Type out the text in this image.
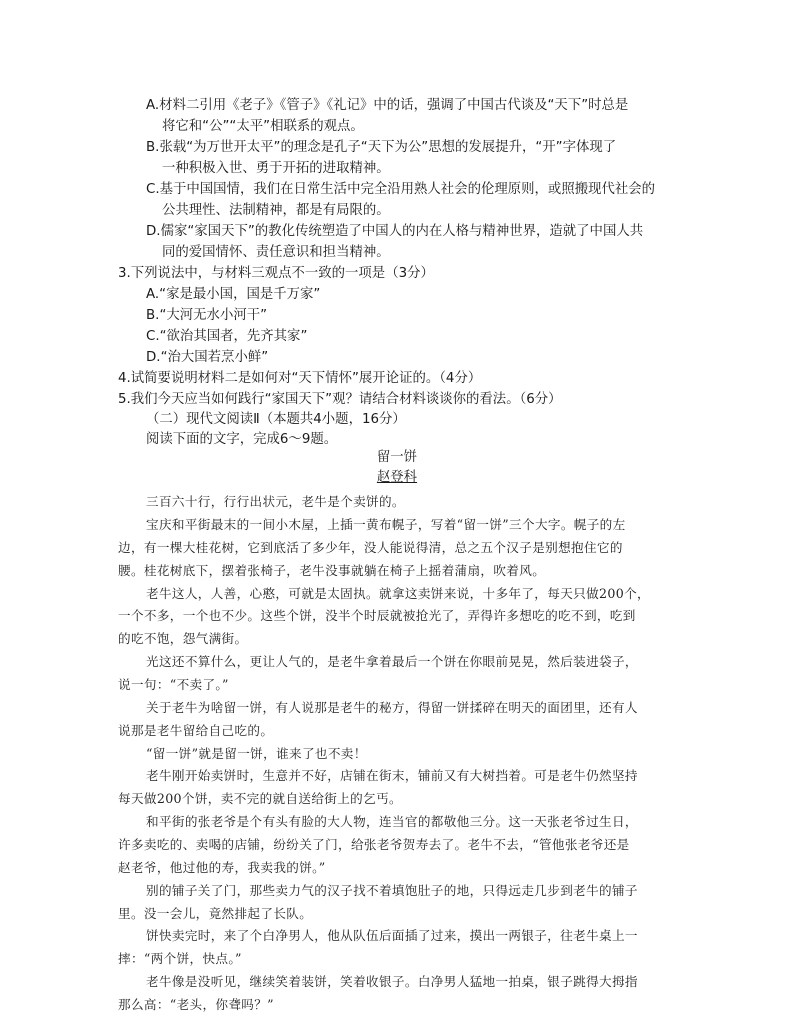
A.材料二引用《老子》《管子》《礼记》中的话，强调了中国古代谈及“天下”时总是
将它和“公”“太平”相联系的观点。
B.张载“为万世开太平”的理念是孔子“天下为公”思想的发展提升，“开”字体现了
一种积极入世、勇于开拓的进取精神。
C.基于中国国情，我们在日常生活中完全沿用熟人社会的伦理原则，或照搬现代社会的
公共理性、法制精神，都是有局限的。
D.儒家“家国天下”的教化传统塑造了中国人的内在人格与精神世界，造就了中国人共
同的爱国情怀、责任意识和担当精神。
3.下列说法中，与材料三观点不一致的一项是（3分）
A.“家是最小国，国是千万家”
B.“大河无水小河干”
C.“欲治其国者，先齐其家”
D.“治大国若烹小鲜”
4.试简要说明材料二是如何对“天下情怀”展开论证的。（4分）
5.我们今天应当如何践行“家国天下”观？请结合材料谈谈你的看法。（6分）
（二）现代文阅读Ⅱ（本题共4小题，16分）
阅读下面的文字，完成6～9题。
留一饼
赵登科
三百六十行，行行出状元，老牛是个卖饼的。
宝庆和平街最末的一间小木屋，上插一黄布幌子，写着“留一饼”三个大字。幌子的左
边，有一棵大桂花树，它到底活了多少年，没人能说得清，总之五个汉子是别想抱住它的
腰。桂花树底下，摆着张椅子，老牛没事就躺在椅子上摇着蒲扇，吹着风。
老牛这人，人善，心憨，可就是太固执。就拿这卖饼来说，十多年了，每天只做200个，
一个不多，一个也不少。这些个饼，没半个时辰就被抢光了，弄得许多想吃的吃不到，吃到
的吃不饱，怨气满街。
光这还不算什么，更让人气的，是老牛拿着最后一个饼在你眼前晃晃，然后装进袋子，
说一句：“不卖了。”
关于老牛为啥留一饼，有人说那是老牛的秘方，得留一饼揉碎在明天的面团里，还有人
说那是老牛留给自己吃的。
“留一饼”就是留一饼，谁来了也不卖！
老牛刚开始卖饼时，生意并不好，店铺在街末，铺前又有大树挡着。可是老牛仍然坚持
每天做200个饼，卖不完的就自送给街上的乞丐。
和平街的张老爷是个有头有脸的大人物，连当官的都敬他三分。这一天张老爷过生日，
许多卖吃的、卖喝的店铺，纷纷关了门，给张老爷贺寿去了。老牛不去，“管他张老爷还是
赵老爷，他过他的寿，我卖我的饼。”
别的铺子关了门，那些卖力气的汉子找不着填饱肚子的地，只得远走几步到老牛的铺子
里。没一会儿，竟然排起了长队。
饼快卖完时，来了个白净男人，他从队伍后面插了过来，摸出一两银子，往老牛桌上一
摔：“两个饼，快点。”
老牛像是没听见，继续笑着装饼，笑着收银子。白净男人猛地一拍桌，银子跳得大拇指
那么高：“老头，你聋吗？”
